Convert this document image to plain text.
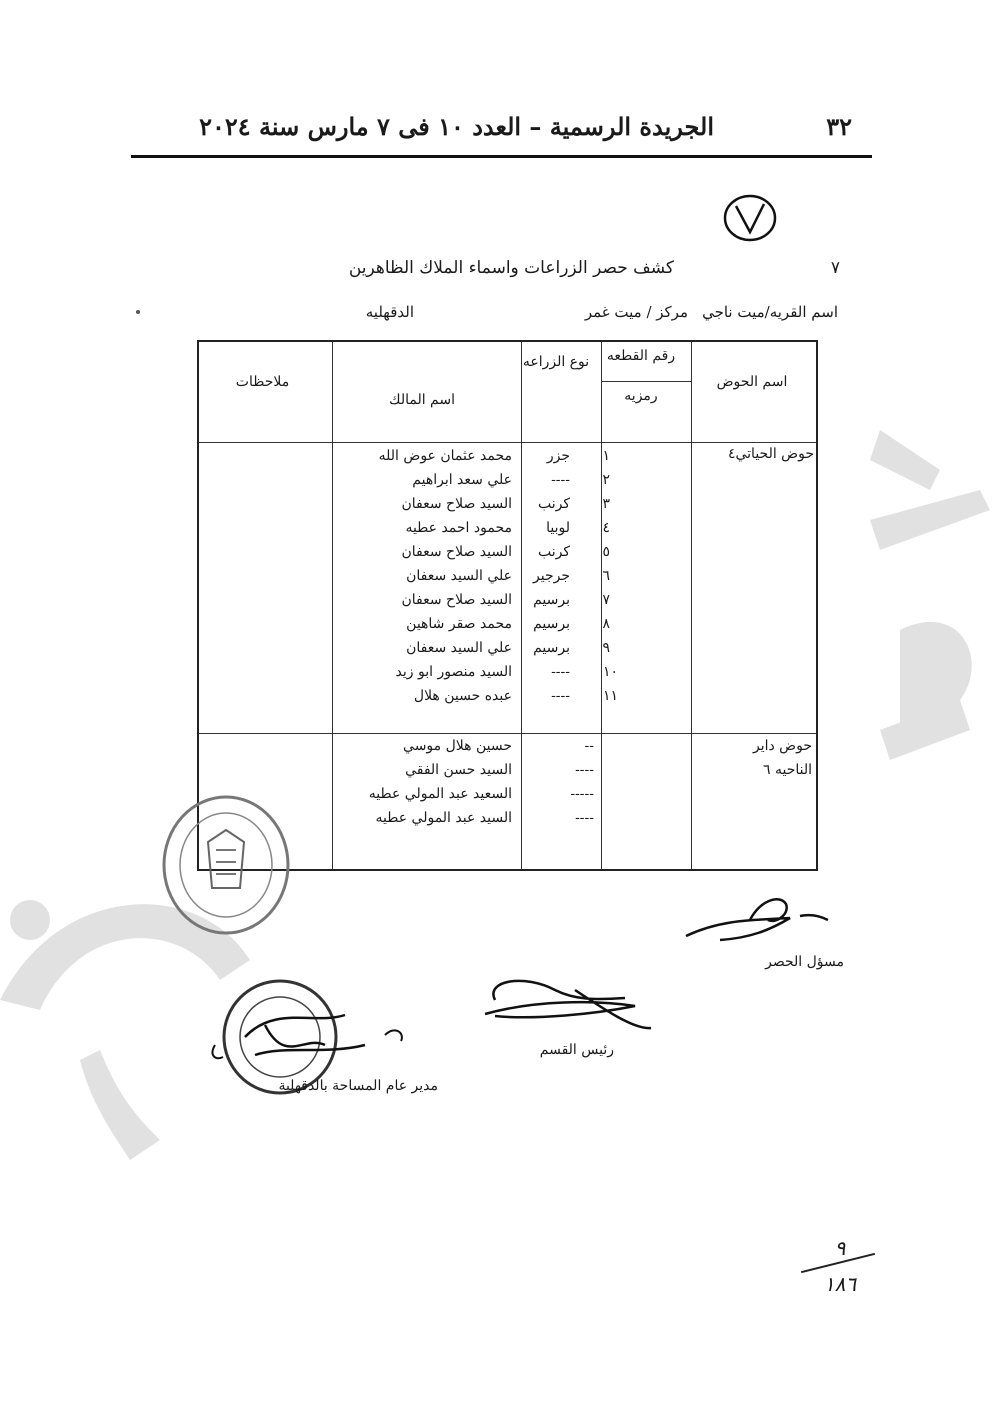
الجريدة الرسمية – العدد ١٠ فى ٧ مارس سنة ٢٠٢٤	٣٢
كشف حصر الزراعات واسماء الملاك الظاهرين	٧
اسم القريه/ميت ناجي
مركز / ميت غمر
الدقهليه
اسم الحوض
رقم القطعه
رمزيه
نوع الزراعه
اسم المالك
ملاحظات
حوض الحياتي٤
حوض داير
الناحيه ٦
١
جزر
محمد عثمان عوض الله
٢
----
علي سعد ابراهيم
٣
كرنب
السيد صلاح سعفان
٤
لوبيا
محمود احمد عطيه
٥
كرنب
السيد صلاح سعفان
٦
جرجير
علي السيد سعفان
٧
برسيم
السيد صلاح سعفان
٨
برسيم
محمد صقر شاهين
٩
برسيم
علي السيد سعفان
١٠
----
السيد منصور ابو زيد
١١
----
عبده حسين هلال
--
حسين هلال موسي
----
السيد حسن الفقي
-----
السعيد عبد المولي عطيه
----
السيد عبد المولي عطيه
مسؤل الحصر
رئيس القسم
مدير عام المساحة بالدقهلية
٩
١٨٦
